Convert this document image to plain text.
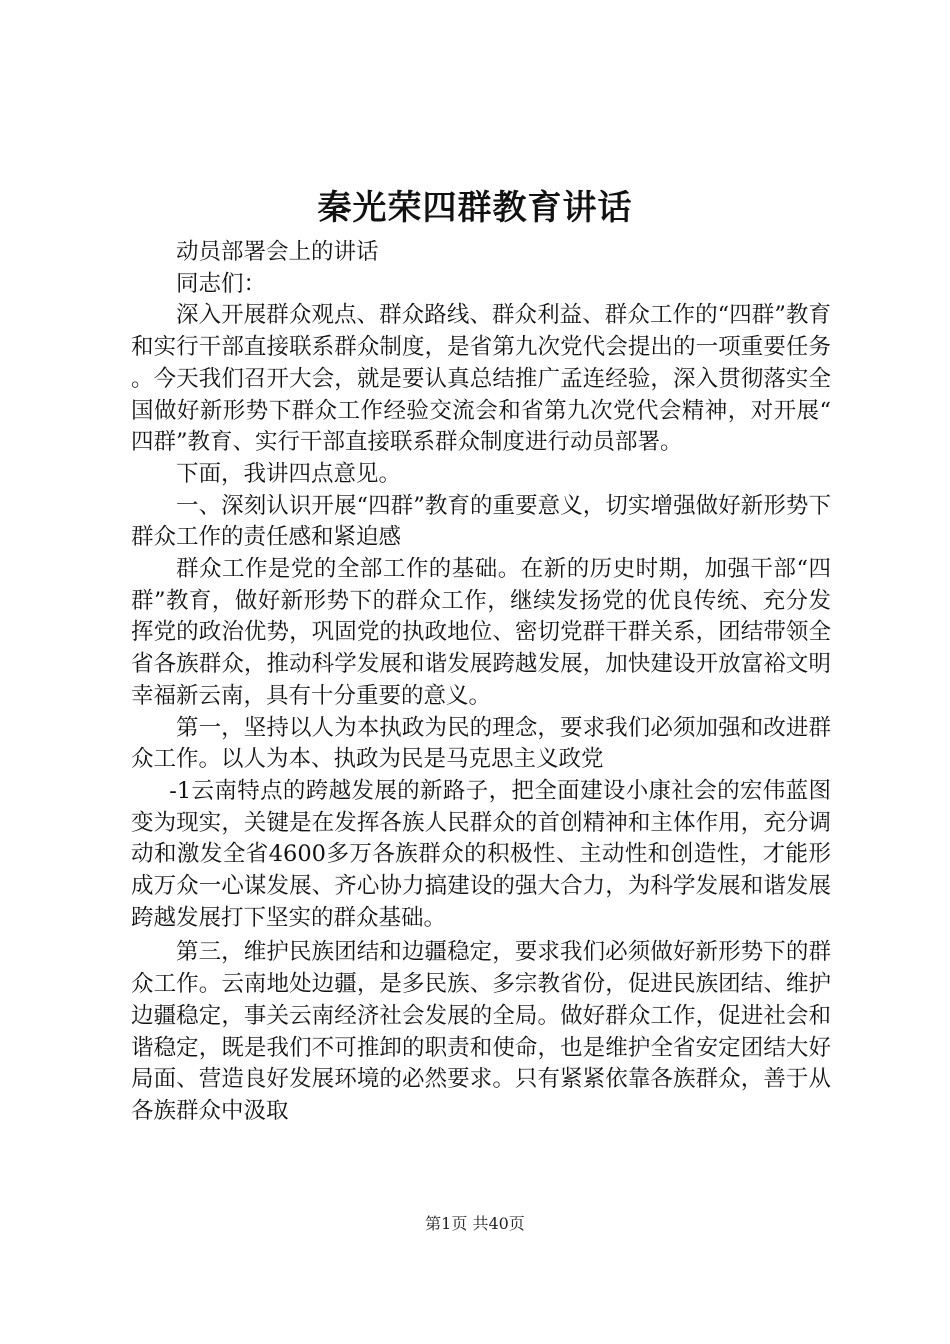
秦光荣四群教育讲话

动员部署会上的讲话

同志们：

深入开展群众观点、群众路线、群众利益、群众工作的“四群”教育和实行干部直接联系群众制度，是省第九次党代会提出的一项重要任务。今天我们召开大会，就是要认真总结推广孟连经验，深入贯彻落实全国做好新形势下群众工作经验交流会和省第九次党代会精神，对开展“四群”教育、实行干部直接联系群众制度进行动员部署。

下面，我讲四点意见。

一、深刻认识开展“四群”教育的重要意义，切实增强做好新形势下群众工作的责任感和紧迫感

群众工作是党的全部工作的基础。在新的历史时期，加强干部“四群”教育，做好新形势下的群众工作，继续发扬党的优良传统、充分发挥党的政治优势，巩固党的执政地位、密切党群干群关系，团结带领全省各族群众，推动科学发展和谐发展跨越发展，加快建设开放富裕文明幸福新云南，具有十分重要的意义。

第一，坚持以人为本执政为民的理念，要求我们必须加强和改进群众工作。以人为本、执政为民是马克思主义政党

-1云南特点的跨越发展的新路子，把全面建设小康社会的宏伟蓝图变为现实，关键是在发挥各族人民群众的首创精神和主体作用，充分调动和激发全省4600多万各族群众的积极性、主动性和创造性，才能形成万众一心谋发展、齐心协力搞建设的强大合力，为科学发展和谐发展跨越发展打下坚实的群众基础。

第三，维护民族团结和边疆稳定，要求我们必须做好新形势下的群众工作。云南地处边疆，是多民族、多宗教省份，促进民族团结、维护边疆稳定，事关云南经济社会发展的全局。做好群众工作，促进社会和谐稳定，既是我们不可推卸的职责和使命，也是维护全省安定团结大好局面、营造良好发展环境的必然要求。只有紧紧依靠各族群众，善于从各族群众中汲取

第1页 共40页
